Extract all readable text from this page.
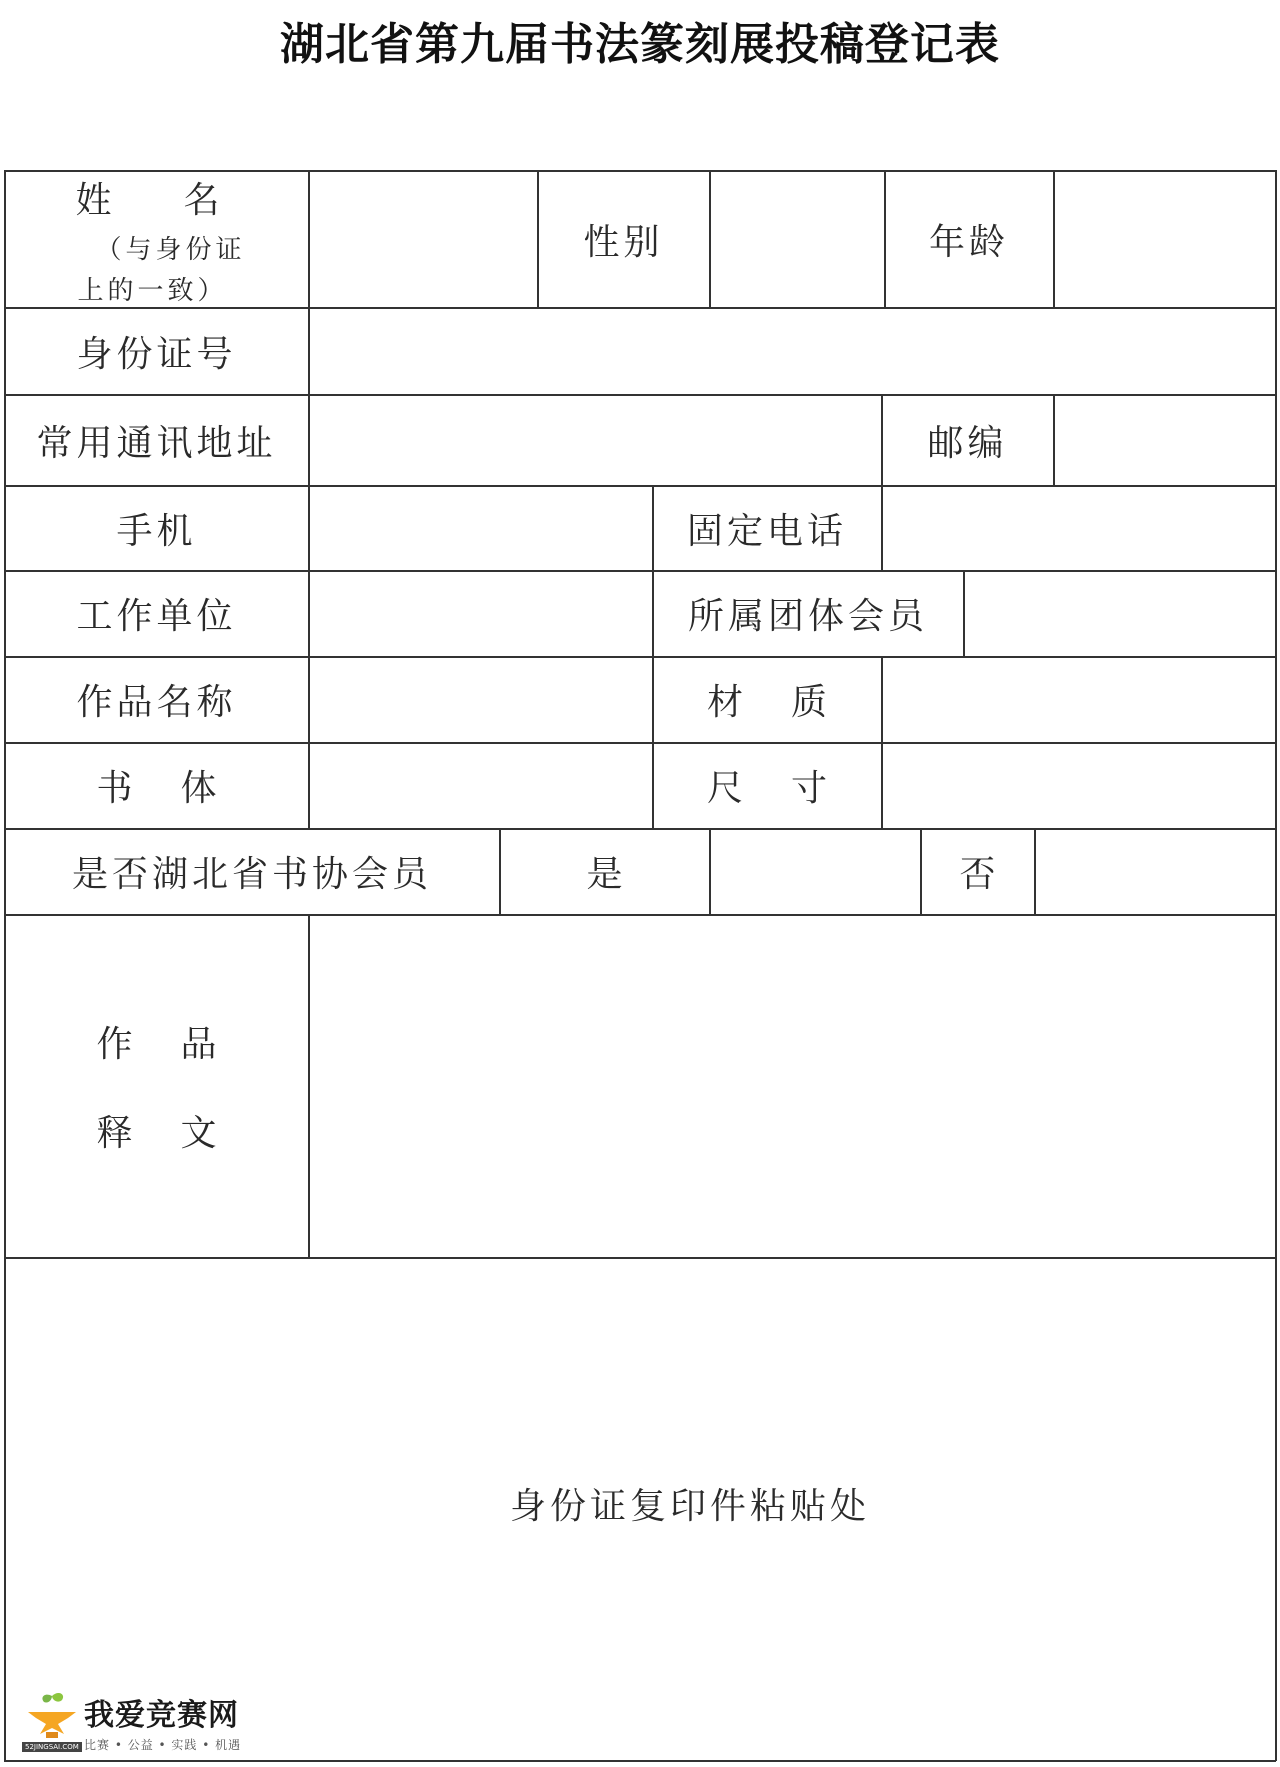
湖北省第九届书法篆刻展投稿登记表
姓　名
（与身份证
上的一致）
性别	年龄
身份证号
常用通讯地址	邮编
手机	固定电话
工作单位	所属团体会员
作品名称	材质
书体	尺寸
是否湖北省书协会员	是	否
作品
释文
身份证复印件粘贴处
52JINGSAI.COM
我爱竞赛网
比赛 • 公益 • 实践 • 机遇
